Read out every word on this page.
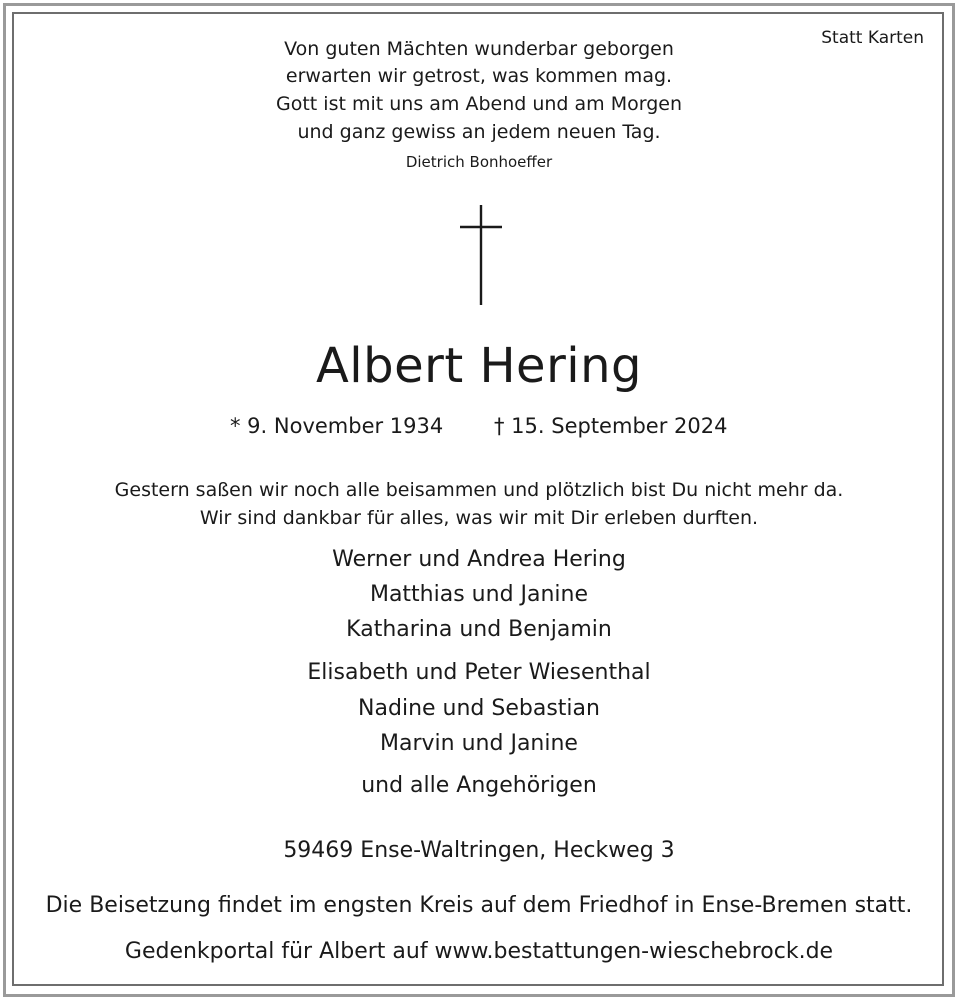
Statt Karten
Von guten Mächten wunderbar geborgen
erwarten wir getrost, was kommen mag.
Gott ist mit uns am Abend und am Morgen
und ganz gewiss an jedem neuen Tag.
Dietrich Bonhoeffer
Albert Hering
* 9. November 1934 † 15. September 2024
Gestern saßen wir noch alle beisammen und plötzlich bist Du nicht mehr da.
Wir sind dankbar für alles, was wir mit Dir erleben durften.
Werner und Andrea Hering
Matthias und Janine
Katharina und Benjamin
Elisabeth und Peter Wiesenthal
Nadine und Sebastian
Marvin und Janine
und alle Angehörigen
59469 Ense-Waltringen, Heckweg 3
Die Beisetzung findet im engsten Kreis auf dem Friedhof in Ense-Bremen statt.
Gedenkportal für Albert auf www.bestattungen-wieschebrock.de
